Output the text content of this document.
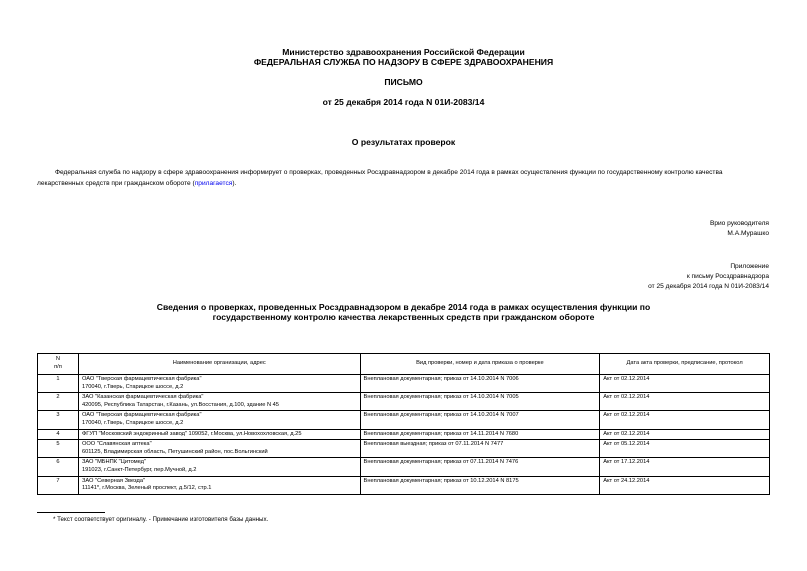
Министерство здравоохранения Российской Федерации
ФЕДЕРАЛЬНАЯ СЛУЖБА ПО НАДЗОРУ В СФЕРЕ ЗДРАВООХРАНЕНИЯ
ПИСЬМО
от 25 декабря 2014 года N 01И-2083/14
О результатах проверок
Федеральная служба по надзору в сфере здравоохранения информирует о проверках, проведенных Росздравнадзором в декабре 2014 года в рамках осуществления функции по государственному контролю качества лекарственных средств при гражданском обороте (прилагается).
Врио руководителя
М.А.Мурашко
Приложение
к письму Росздравнадзора
от 25 декабря 2014 года N 01И-2083/14
Сведения о проверках, проведенных Росздравнадзором в декабре 2014 года в рамках осуществления функции по государственному контролю качества лекарственных средств при гражданском обороте
N
п/п	Наименование организации, адрес	Вид проверки, номер и дата приказа о проверке	Дата акта проверки, предписание, протокол
1	ОАО "Тверская фармацевтическая фабрика"
170040, г.Тверь, Старицкое шоссе, д.2	Внеплановая документарная; приказ от 14.10.2014 N 7006	Акт от 02.12.2014
2	ЗАО "Казанская фармацевтическая фабрика"
420095, Республика Татарстан, г.Казань, ул.Восстания, д.100, здание N 45	Внеплановая документарная; приказ от 14.10.2014 N 7005	Акт от 02.12.2014
3	ОАО "Тверская фармацевтическая фабрика"
170040, г.Тверь, Старицкое шоссе, д.2	Внеплановая документарная; приказ от 14.10.2014 N 7007	Акт от 02.12.2014
4	ФГУП "Московский эндокринный завод" 109052, г.Москва, ул.Новохохловская, д.25	Внеплановая документарная; приказ от 14.11.2014 N 7680	Акт от 02.12.2014
5	ООО "Славянская аптека"
601125, Владимирская область, Петушинский район, пос.Вольгинский	Внеплановая выездная; приказ от 07.11.2014 N 7477	Акт от 05.12.2014
6	ЗАО "МБНПК "Цитомед"
191023, г.Санкт-Петербург, пер.Мучной, д.2	Внеплановая документарная; приказ от 07.11.2014 N 7476	Акт от 17.12.2014
7	ЗАО "Северная Звезда"
11141*, г.Москва, Зеленый проспект, д.5/12, стр.1	Внеплановая документарная; приказ от 10.12.2014 N 8175	Акт от 24.12.2014
* Текст соответствует оригиналу. - Примечание изготовителя базы данных.
